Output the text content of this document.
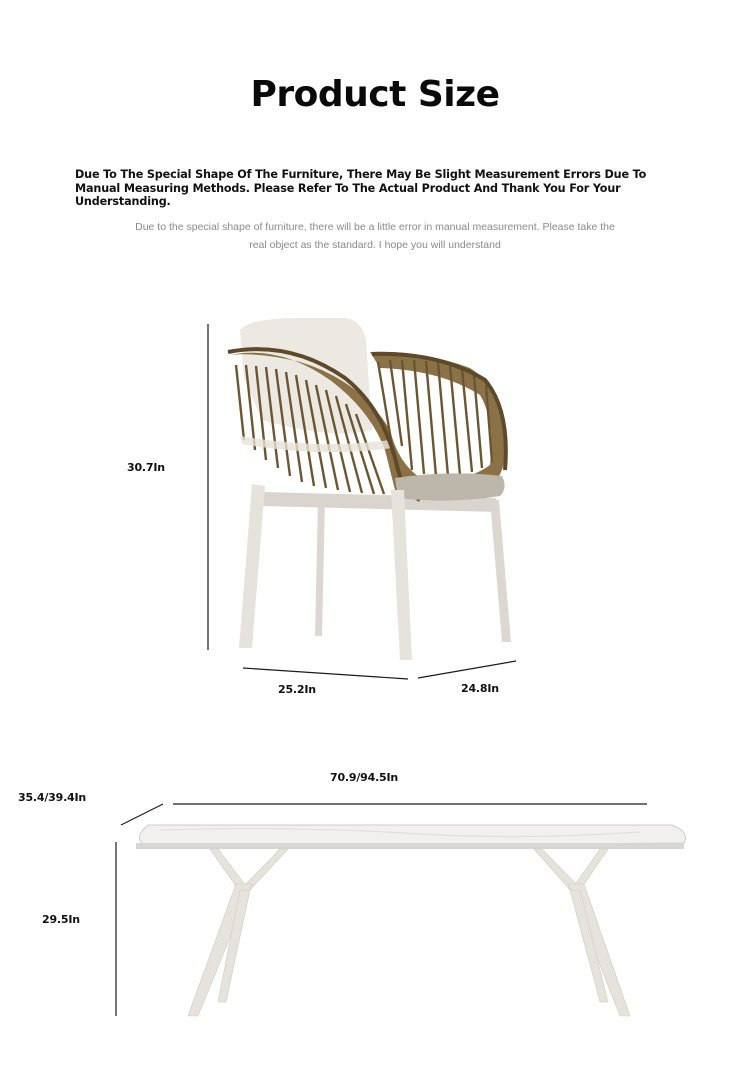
Product Size
Due To The Special Shape Of The Furniture, There May Be Slight Measurement Errors Due To Manual Measuring Methods. Please Refer To The Actual Product And Thank You For Your Understanding.
Due to the special shape of furniture, there will be a little error in manual measurement. Please take the
real object as the standard. I hope you will understand
30.7In
25.2In	24.8In
70.9/94.5In
35.4/39.4In
29.5In
